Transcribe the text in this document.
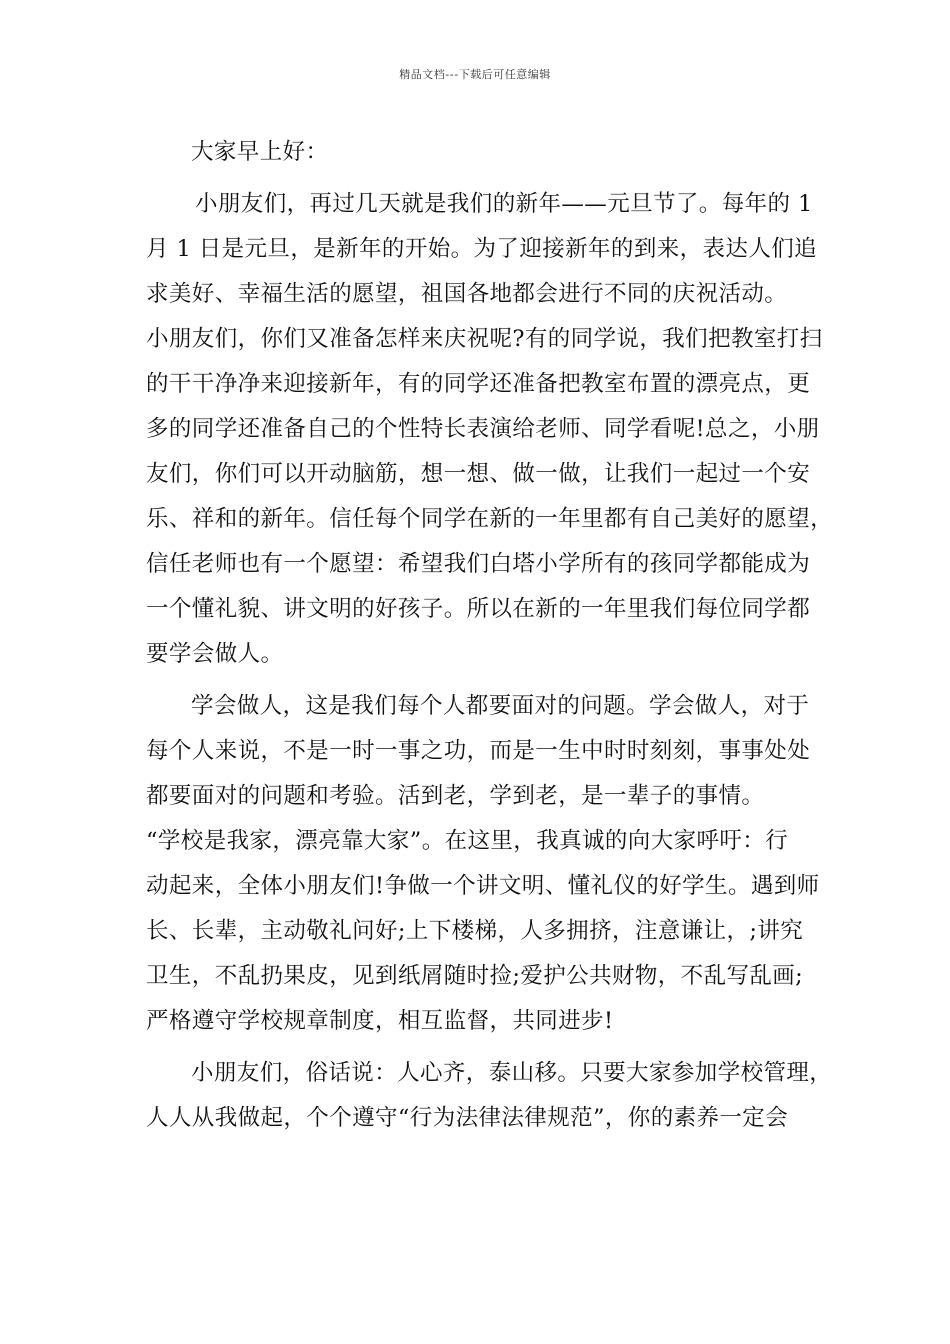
精品文档---下载后可任意编辑
大家早上好：
小朋友们，再过几天就是我们的新年——元旦节了。每年的 1
月 1 日是元旦，是新年的开始。为了迎接新年的到来，表达人们追
求美好、幸福生活的愿望，祖国各地都会进行不同的庆祝活动。
小朋友们，你们又准备怎样来庆祝呢?有的同学说，我们把教室打扫
的干干净净来迎接新年，有的同学还准备把教室布置的漂亮点，更
多的同学还准备自己的个性特长表演给老师、同学看呢!总之，小朋
友们，你们可以开动脑筋，想一想、做一做，让我们一起过一个安
乐、祥和的新年。信任每个同学在新的一年里都有自己美好的愿望，
信任老师也有一个愿望：希望我们白塔小学所有的孩同学都能成为
一个懂礼貌、讲文明的好孩子。所以在新的一年里我们每位同学都
要学会做人。
学会做人，这是我们每个人都要面对的问题。学会做人，对于
每个人来说，不是一时一事之功，而是一生中时时刻刻，事事处处
都要面对的问题和考验。活到老，学到老，是一辈子的事情。
“学校是我家，漂亮靠大家”。在这里，我真诚的向大家呼吁：行
动起来，全体小朋友们!争做一个讲文明、懂礼仪的好学生。遇到师
长、长辈，主动敬礼问好;上下楼梯，人多拥挤，注意谦让，;讲究
卫生，不乱扔果皮，见到纸屑随时捡;爱护公共财物，不乱写乱画;
严格遵守学校规章制度，相互监督，共同进步!
小朋友们，俗话说：人心齐，泰山移。只要大家参加学校管理，
人人从我做起，个个遵守“行为法律法律规范”，你的素养一定会
